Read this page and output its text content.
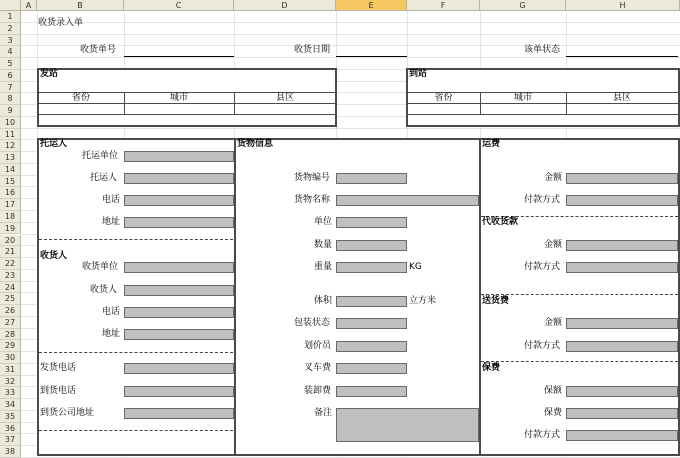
A	B	C	D	E	F	G	H
1
2
3
4
5
6
7
8
9
10
11
12
13
14
15
16
17
18
19
20
21
22
23
24
25
26
27
28
29
30
31
32
33
34
35
36
37
38
收货录入单
收货单号	收货日期	该单状态
发站
省份	城市	县区
到站
省份	城市	县区
托运人
托运单位
托运人
电话
地址
收货人
收货单位
收货人
电话
地址
发货电话
到货电话
到货公司地址
货物信息
货物编号
货物名称
单位
数量
重量	KG
体积	立方米
包装状态
划价员
叉车费
装卸费
备注
运费
金额
付款方式
代收货款
金额
付款方式
送货费
金额
付款方式
保费
保额
保费
付款方式
